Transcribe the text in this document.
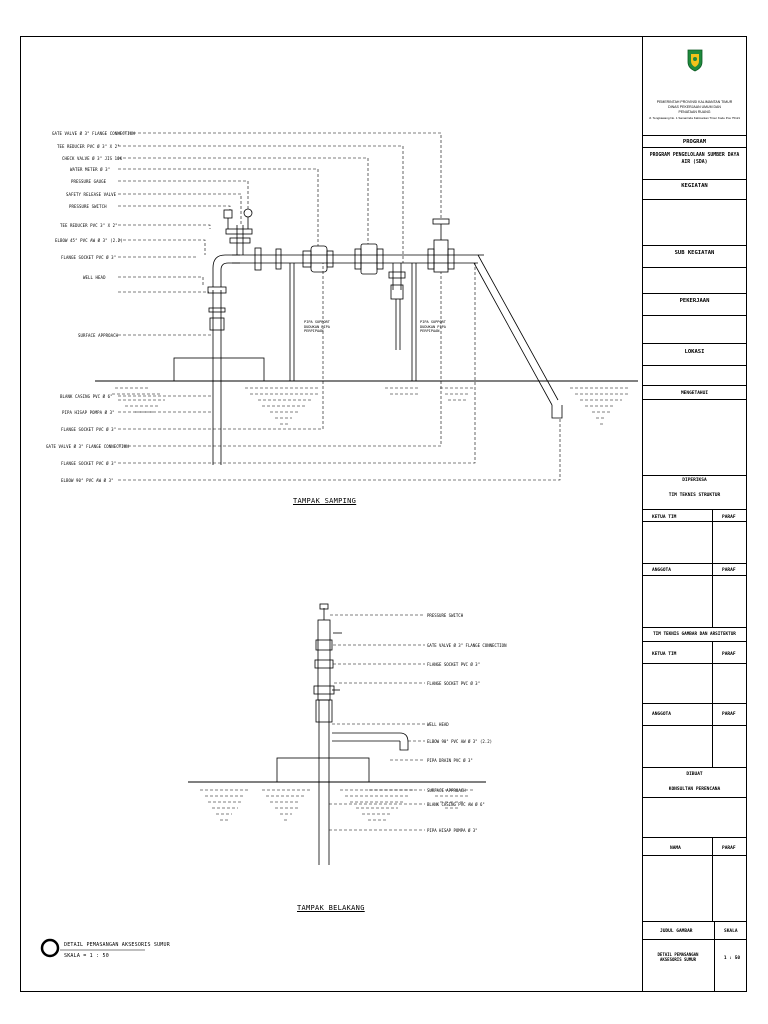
GATE VALVE Ø 3" FLANGE CONNECTION
TEE REDUCER PVC Ø 3" X 2"
CHECK VALVE Ø 3" JIS 10K
WATER METER Ø 3"
PRESSURE GAUGE
SAFETY RELEASE VALVE
PRESSURE SWITCH
TEE REDUCER PVC 3" X 2"
ELBOW 45° PVC AW Ø 3" (2.2)
FLANGE SOCKET PVC Ø 3"
WELL HEAD
SURFACE APPROACH
BLANK CASING PVC Ø 6"
PIPA HISAP POMPA Ø 3"
FLANGE SOCKET PVC Ø 3"
GATE VALVE Ø 3" FLANGE CONNECTION
FLANGE SOCKET PVC Ø 3"
ELBOW 90° PVC AW Ø 3"
PIPA SUPPORT
DUDUKAN PIPA
PERPIPAAN
PIPA SUPPORT
DUDUKAN PIPA
PERPIPAAN
TAMPAK SAMPING
PRESSURE SWITCH
GATE VALVE Ø 3" FLANGE CONNECTION
FLANGE SOCKET PVC Ø 3"
FLANGE SOCKET PVC Ø 3"
WELL HEAD
ELBOW 90° PVC AW Ø 3" (2.2)
PIPA DRAIN PVC Ø 3"
SURFACE APPROACH
BLANK CASING PVC AW Ø 6"
PIPA HISAP POMPA Ø 3"
TAMPAK BELAKANG
DETAIL PEMASANGAN AKSESORIS SUMUR
SKALA = 1 : 50
PEMERINTAH PROVINSI KALIMANTAN TIMUR
DINAS PEKERJAAN UMUM DAN
PENATAAN RUANG
Jl. Tengkawang No. 1 Samarinda Kalimantan Timur Kode Pos 75121
PROGRAM
PROGRAM PENGELOLAAN SUMBER DAYA AIR (SDA)
KEGIATAN
SUB KEGIATAN
PEKERJAAN
LOKASI
MENGETAHUI
DIPERIKSA
TIM TEKNIS STRUKTUR
KETUA TIM	PARAF
ANGGOTA	PARAF
TIM TEKNIS GAMBAR DAN ARSITEKTUR
KETUA TIM	PARAF
ANGGOTA	PARAF
DIBUAT
KONSULTAN PERENCANA
NAMA	PARAF
JUDUL GAMBAR	SKALA
DETAIL PEMASANGAN AKSESORIS SUMUR	1 : 50
